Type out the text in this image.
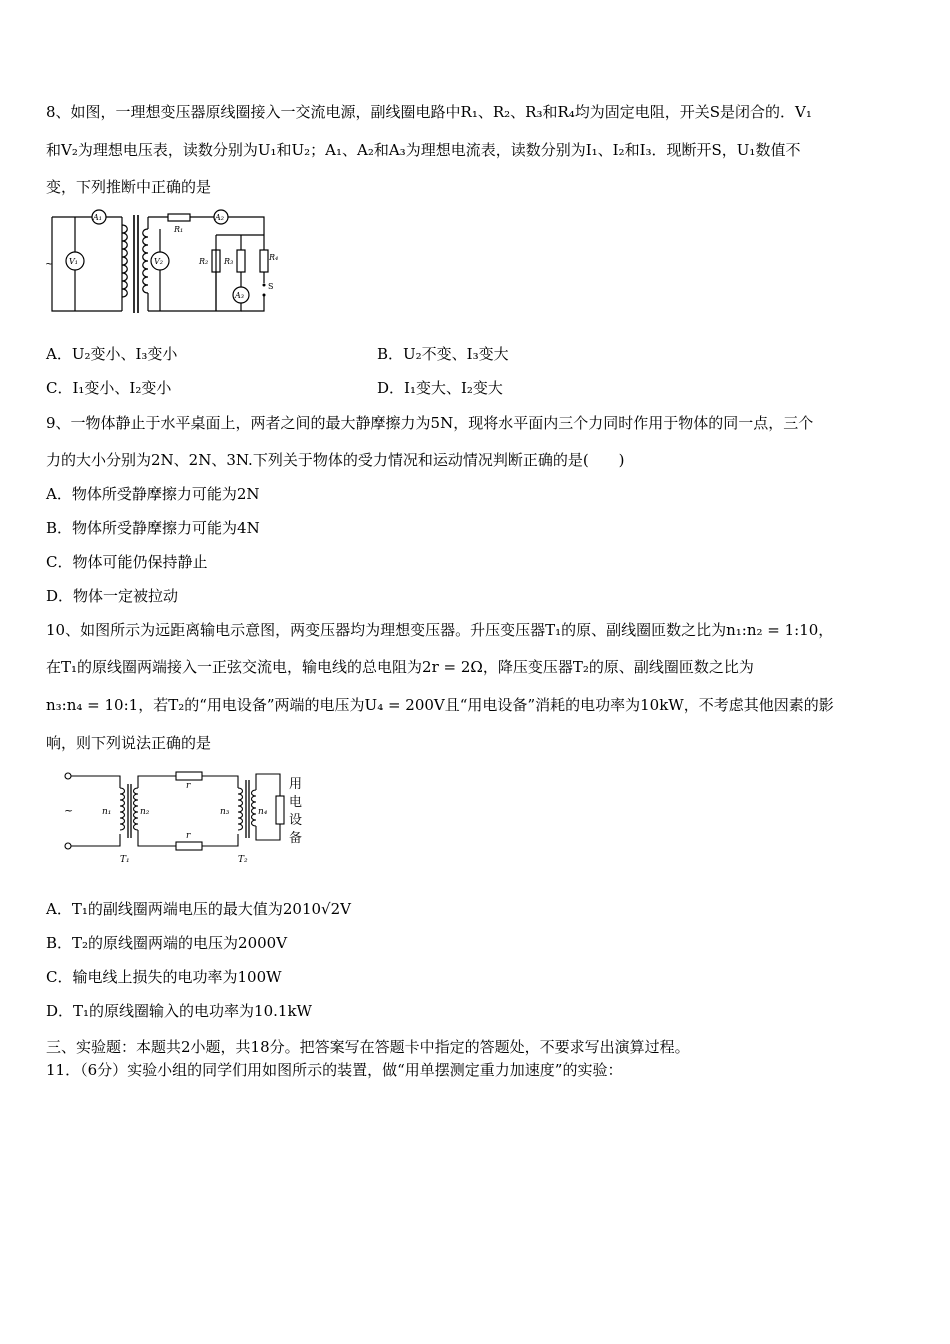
8、如图，一理想变压器原线圈接入一交流电源，副线圈电路中R₁、R₂、R₃和R₄均为固定电阻，开关S是闭合的．V₁
和V₂为理想电压表，读数分别为U₁和U₂；A₁、A₂和A₃为理想电流表，读数分别为I₁、I₂和I₃．现断开S，U₁数值不
变，下列推断中正确的是
A₁
V₁	V₂
A₂
A₃
R₁
R₂ R₃	R₄
S
~
A．U₂变小、I₃变小	B．U₂不变、I₃变大
C．I₁变小、I₂变小	D．I₁变大、I₂变大
9、一物体静止于水平桌面上，两者之间的最大静摩擦力为5N，现将水平面内三个力同时作用于物体的同一点，三个
力的大小分别为2N、2N、3N.下列关于物体的受力情况和运动情况判断正确的是(　　)
A．物体所受静摩擦力可能为2N
B．物体所受静摩擦力可能为4N
C．物体可能仍保持静止
D．物体一定被拉动
10、如图所示为远距离输电示意图，两变压器均为理想变压器。升压变压器T₁的原、副线圈匝数之比为n₁:n₂ = 1:10，
在T₁的原线圈两端接入一正弦交流电，输电线的总电阻为2r = 2Ω，降压变压器T₂的原、副线圈匝数之比为
n₃:n₄ = 10:1，若T₂的“用电设备”两端的电压为U₄ = 200V且“用电设备”消耗的电功率为10kW，不考虑其他因素的影
响，则下列说法正确的是
~	n₁	n₂	n₃	n₄
r
r
T₁	T₂
用
电
设
备
A．T₁的副线圈两端电压的最大值为2010√2V
B．T₂的原线圈两端的电压为2000V
C．输电线上损失的电功率为100W
D．T₁的原线圈输入的电功率为10.1kW
三、实验题：本题共2小题，共18分。把答案写在答题卡中指定的答题处，不要求写出演算过程。
11．（6分）实验小组的同学们用如图所示的装置，做“用单摆测定重力加速度”的实验：
